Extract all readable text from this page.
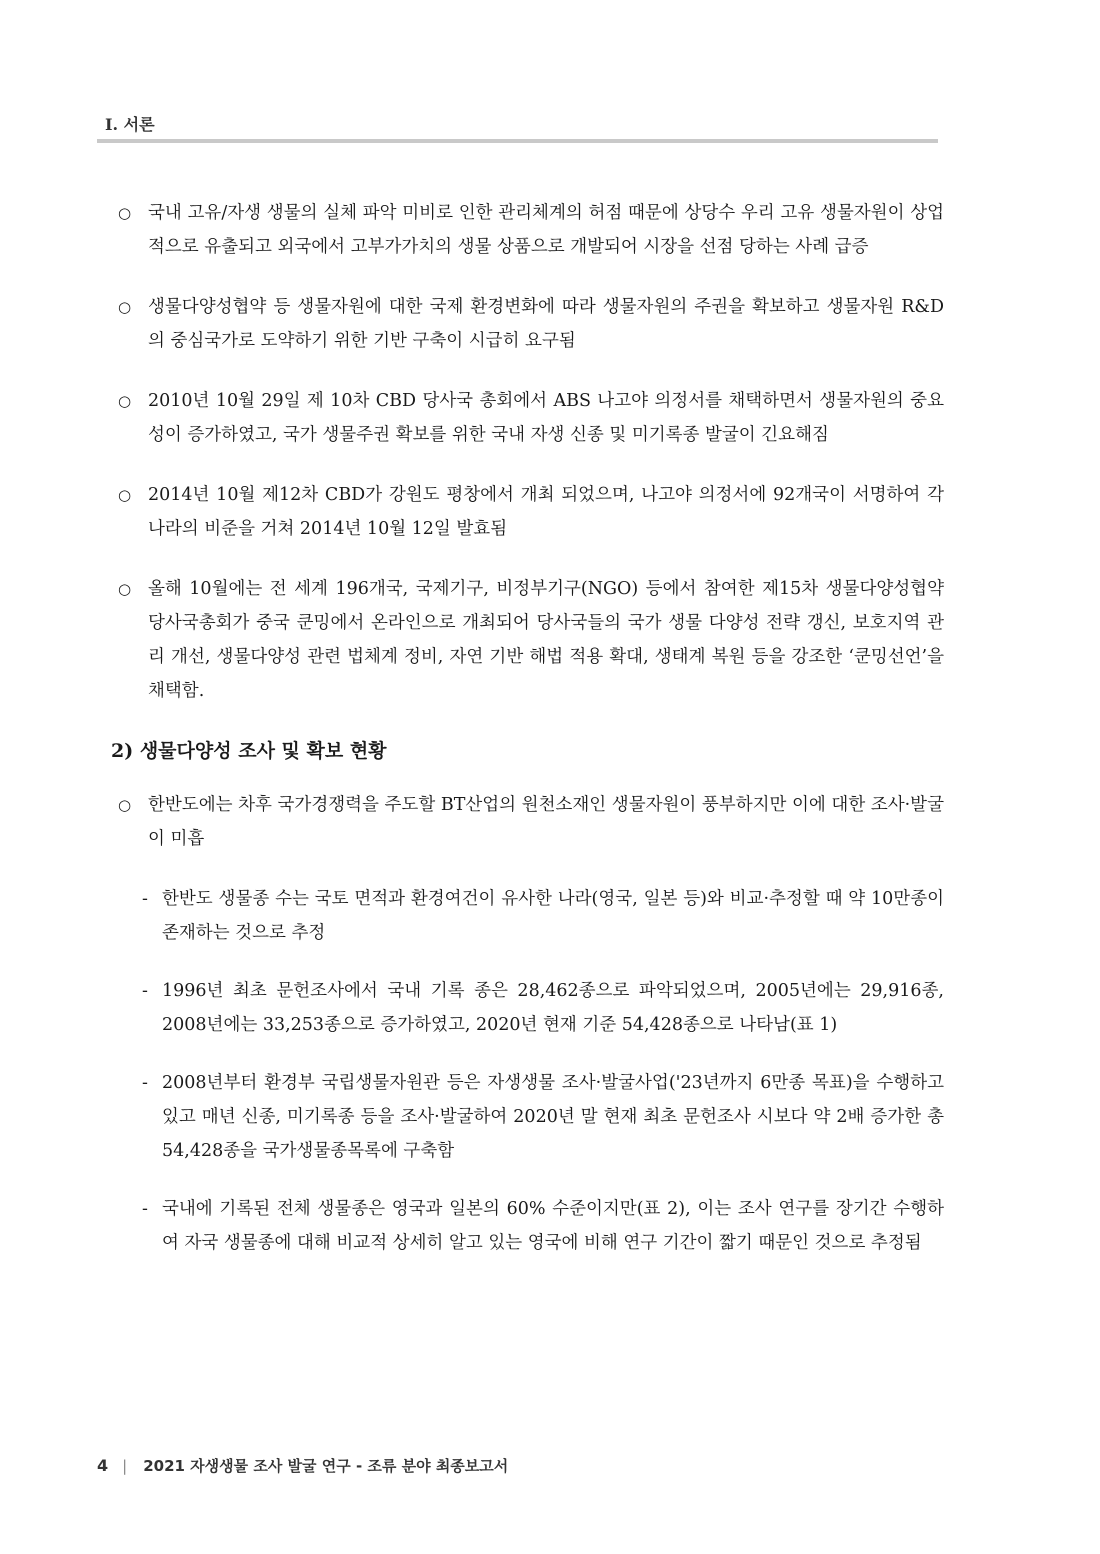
I. 서론
○ 국내 고유/자생 생물의 실체 파악 미비로 인한 관리체계의 허점 때문에 상당수 우리 고유 생물자원이 상업적으로 유출되고 외국에서 고부가가치의 생물 상품으로 개발되어 시장을 선점 당하는 사례 급증
○ 생물다양성협약 등 생물자원에 대한 국제 환경변화에 따라 생물자원의 주권을 확보하고 생물자원 R&D의 중심국가로 도약하기 위한 기반 구축이 시급히 요구됨
○ 2010년 10월 29일 제 10차 CBD 당사국 총회에서 ABS 나고야 의정서를 채택하면서 생물자원의 중요성이 증가하였고, 국가 생물주권 확보를 위한 국내 자생 신종 및 미기록종 발굴이 긴요해짐
○ 2014년 10월 제12차 CBD가 강원도 평창에서 개최 되었으며, 나고야 의정서에 92개국이 서명하여 각 나라의 비준을 거쳐 2014년 10월 12일 발효됨
○ 올해 10월에는 전 세계 196개국, 국제기구, 비정부기구(NGO) 등에서 참여한 제15차 생물다양성협약 당사국총회가 중국 쿤밍에서 온라인으로 개최되어 당사국들의 국가 생물 다양성 전략 갱신, 보호지역 관리 개선, 생물다양성 관련 법체계 정비, 자연 기반 해법 적용 확대, 생태계 복원 등을 강조한 ‘쿤밍선언’을 채택함.
2) 생물다양성 조사 및 확보 현황
○ 한반도에는 차후 국가경쟁력을 주도할 BT산업의 원천소재인 생물자원이 풍부하지만 이에 대한 조사·발굴이 미흡
- 한반도 생물종 수는 국토 면적과 환경여건이 유사한 나라(영국, 일본 등)와 비교·추정할 때 약 10만종이 존재하는 것으로 추정
- 1996년 최초 문헌조사에서 국내 기록 종은 28,462종으로 파악되었으며, 2005년에는 29,916종, 2008년에는 33,253종으로 증가하였고, 2020년 현재 기준 54,428종으로 나타남(표 1)
- 2008년부터 환경부 국립생물자원관 등은 자생생물 조사·발굴사업('23년까지 6만종 목표)을 수행하고 있고 매년 신종, 미기록종 등을 조사·발굴하여 2020년 말 현재 최초 문헌조사 시보다 약 2배 증가한 총 54,428종을 국가생물종목록에 구축함
- 국내에 기록된 전체 생물종은 영국과 일본의 60% 수준이지만(표 2), 이는 조사 연구를 장기간 수행하여 자국 생물종에 대해 비교적 상세히 알고 있는 영국에 비해 연구 기간이 짧기 때문인 것으로 추정됨
4 | 2021 자생생물 조사 발굴 연구 - 조류 분야 최종보고서
